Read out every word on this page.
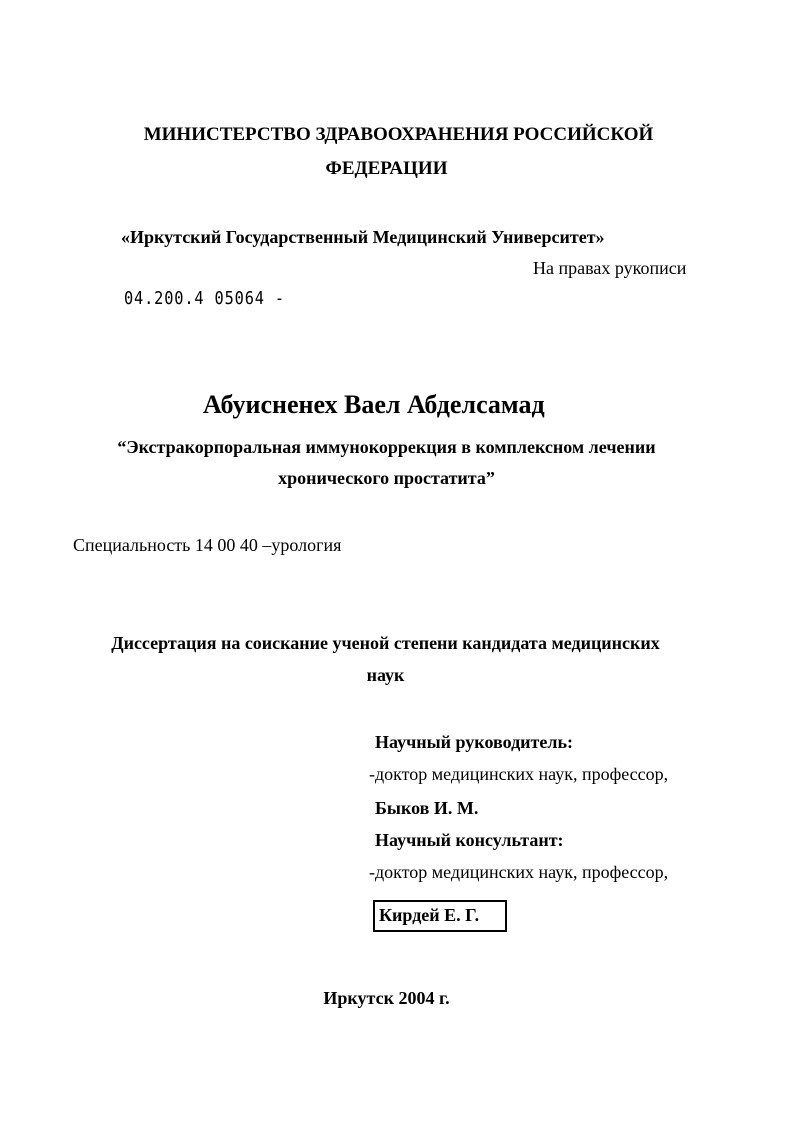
МИНИСТЕРСТВО ЗДРАВООХРАНЕНИЯ РОССИЙСКОЙ
ФЕДЕРАЦИИ
«Иркутский Государственный Медицинский Университет»
На правах рукописи
04.200.4 05064 -
Абуисненех Ваел Абделсамад
“Экстракорпоральная иммунокоррекция в комплексном лечении
хронического простатита”
Специальность 14 00 40 –урология
Диссертация на соискание ученой степени кандидата медицинских
наук
Научный руководитель:
-доктор медицинских наук, профессор,
Быков И. М.
Научный консультант:
-доктор медицинских наук, профессор,
Кирдей Е. Г.
Иркутск 2004 г.
